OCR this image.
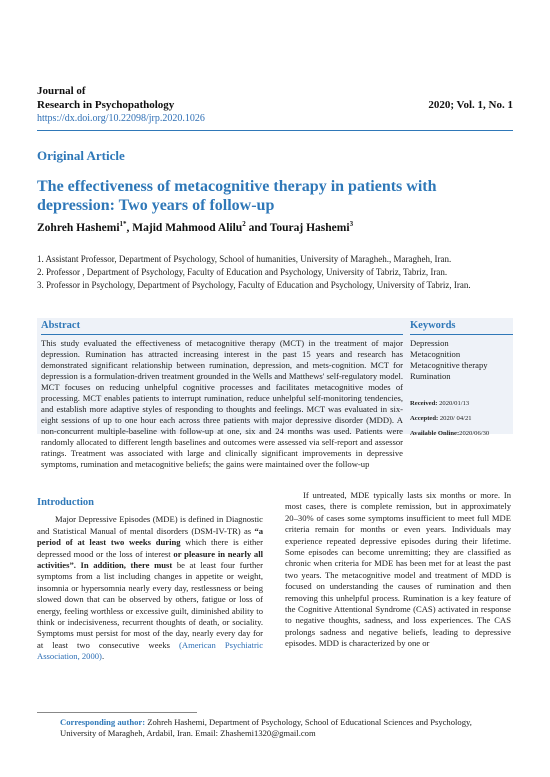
Journal of
Research in Psychopathology	2020; Vol. 1, No. 1
https://dx.doi.org/10.22098/jrp.2020.1026
Original Article
The effectiveness of metacognitive therapy in patients with depression: Two years of follow-up
Zohreh Hashemi$^{1*}$, Majid Mahmood Alilu$^2$ and Touraj Hashemi$^3$
1. Assistant Professor, Department of Psychology, School of humanities, University of Maragheh., Maragheh, Iran.
2. Professor , Department of Psychology, Faculty of Education and Psychology, University of Tabriz, Tabriz, Iran.
3. Professor in Psychology, Department of Psychology, Faculty of Education and Psychology, University of Tabriz, Iran.
Abstract	Keywords
This study evaluated the effectiveness of metacognitive therapy (MCT) in the treatment of major depression. Rumination has attracted increasing interest in the past 15 years and research has demonstrated significant relationship between rumination, depression, and mets-cognition. MCT for depression is a formulation-driven treatment grounded in the Wells and Matthews' self-regulatory model. MCT focuses on reducing unhelpful cognitive processes and facilitates metacognitive modes of processing. MCT enables patients to interrupt rumination, reduce unhelpful self-monitoring tendencies, and establish more adaptive styles of responding to thoughts and feelings. MCT was evaluated in six-eight sessions of up to one hour each across three patients with major depressive disorder (MDD). A non-concurrent multiple-baseline with follow-up at one, six and 24 months was used. Patients were randomly allocated to different length baselines and outcomes were assessed via self-report and assessor ratings. Treatment was associated with large and clinically significant improvements in depressive symptoms, rumination and metacognitive beliefs; the gains were maintained over the follow-up
Depression
Metacognition
Metacognitive therapy
Rumination
Received: 2020/01/13
Accepted: 2020/ 04/21
Available Online:2020/06/30
Introduction

Major Depressive Episodes (MDE) is defined in Diagnostic and Statistical Manual of mental disorders (DSM-IV-TR) as “a period of at least two weeks during which there is either depressed mood or the loss of interest or pleasure in nearly all activities”. In addition, there must be at least four further symptoms from a list including changes in appetite or weight, insomnia or hypersomnia nearly every day, restlessness or being slowed down that can be observed by others, fatigue or loss of energy, feeling worthless or excessive guilt, diminished ability to think or indecisiveness, recurrent thoughts of death, or sociality. Symptoms must persist for most of the day, nearly every day for at least two consecutive weeks (American Psychiatric Association, 2000).

If untreated, MDE typically lasts six months or more. In most cases, there is complete remission, but in approximately 20–30% of cases some symptoms insufficient to meet full MDE criteria remain for months or even years. Individuals may experience repeated depressive episodes during their lifetime. Some episodes can become unremitting; they are classified as chronic when criteria for MDE has been met for at least the past two years. The metacognitive model and treatment of MDD is focused on understanding the causes of rumination and then removing this unhelpful process. Rumination is a key feature of the Cognitive Attentional Syndrome (CAS) activated in response to negative thoughts, sadness, and loss experiences. The CAS prolongs sadness and negative beliefs, leading to depressive episodes. MDD is characterized by one or

Corresponding author: Zohreh Hashemi, Department of Psychology, School of Educational Sciences and Psychology, University of Maragheh, Ardabil, Iran. Email: Zhashemi1320@gmail.com
